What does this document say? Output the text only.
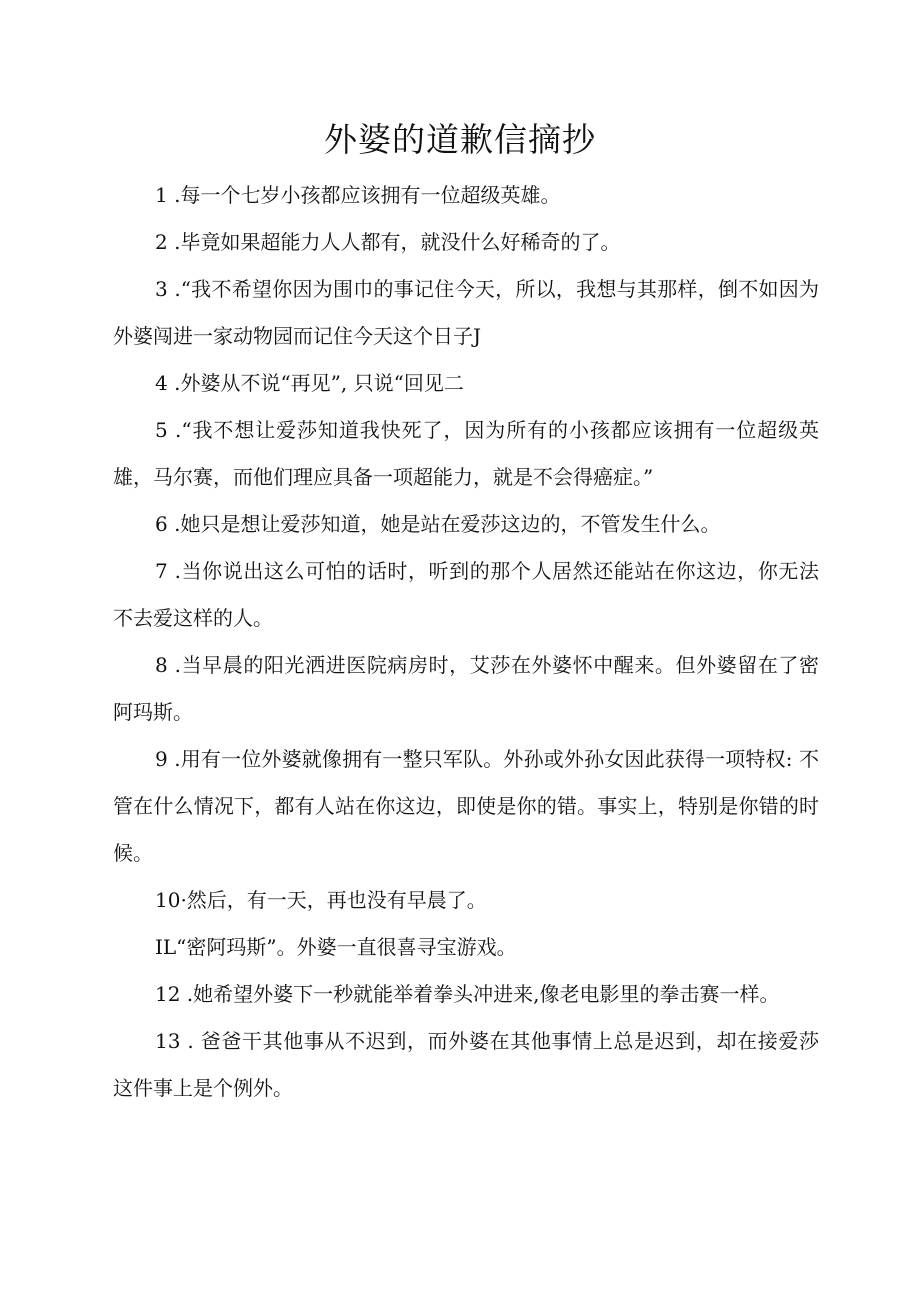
外婆的道歉信摘抄

1 .每一个七岁小孩都应该拥有一位超级英雄。

2 .毕竟如果超能力人人都有，就没什么好稀奇的了。

3 .“我不希望你因为围巾的事记住今天，所以，我想与其那样，倒不如因为外婆闯进一家动物园而记住今天这个日子J

4 .外婆从不说“再见”, 只说“回见二

5 .“我不想让爱莎知道我快死了，因为所有的小孩都应该拥有一位超级英雄，马尔赛，而他们理应具备一项超能力，就是不会得癌症。”

6 .她只是想让爱莎知道，她是站在爱莎这边的，不管发生什么。

7 .当你说出这么可怕的话时，听到的那个人居然还能站在你这边，你无法不去爱这样的人。

8 .当早晨的阳光洒进医院病房时，艾莎在外婆怀中醒来。但外婆留在了密阿玛斯。

9 .用有一位外婆就像拥有一整只军队。外孙或外孙女因此获得一项特权: 不管在什么情况下，都有人站在你这边，即使是你的错。事实上，特别是你错的时候。

10·然后，有一天，再也没有早晨了。

IL“密阿玛斯”。外婆一直很喜寻宝游戏。

12 .她希望外婆下一秒就能举着拳头冲进来,像老电影里的拳击赛一样。

13 . 爸爸干其他事从不迟到，而外婆在其他事情上总是迟到，却在接爱莎这件事上是个例外。
